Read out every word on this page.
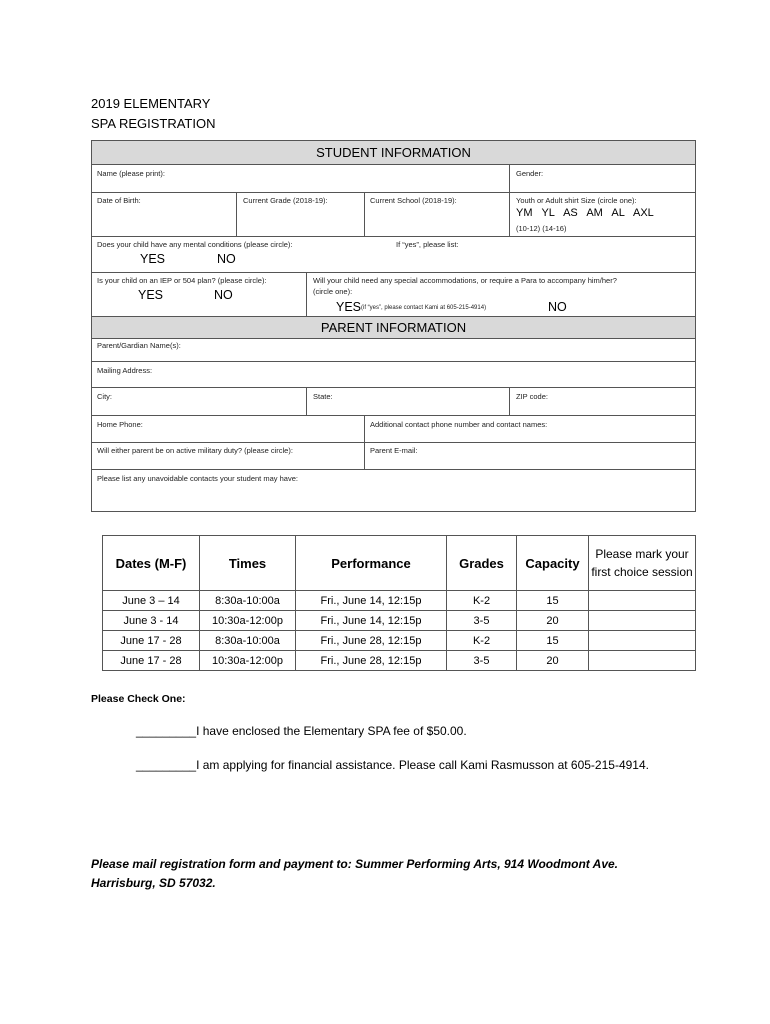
2019 ELEMENTARY
SPA REGISTRATION
STUDENT INFORMATION
Name (please print):	Gender:
Date of Birth:	Current Grade (2018-19):	Current School (2018-19):	Youth or Adult shirt Size (circle one):
YM   YL   AS   AM   AL   AXL
(10-12) (14-16)
Does your child have any mental conditions (please circle):	If “yes”, please list:
YES	NO
Is your child on an IEP or 504 plan? (please circle):
YES	NO
Will your child need any special accommodations, or require a Para to accompany him/her?
(circle one):
YES (if “yes”, please contact Kami at 605-215-4914)	NO
PARENT INFORMATION
Parent/Gardian Name(s):
Mailing Address:
City:	State:	ZIP code:
Home Phone:	Additional contact phone number and contact names:
Will either parent be on active military duty? (please circle):	Parent E-mail:
Please list any unavoidable contacts your student may have:
Dates (M-F)	Times	Performance	Grades	Capacity	Please mark your first choice session
June 3 – 14	8:30a-10:00a	Fri., June 14, 12:15p	K-2	15	
June 3 - 14	10:30a-12:00p	Fri., June 14, 12:15p	3-5	20	
June 17 - 28	8:30a-10:00a	Fri., June 28, 12:15p	K-2	15	
June 17 - 28	10:30a-12:00p	Fri., June 28, 12:15p	3-5	20	
Please Check One:
_________I have enclosed the Elementary SPA fee of $50.00.
_________I am applying for financial assistance. Please call Kami Rasmusson at 605-215-4914.
Please mail registration form and payment to: Summer Performing Arts, 914 Woodmont Ave.
Harrisburg, SD 57032.
